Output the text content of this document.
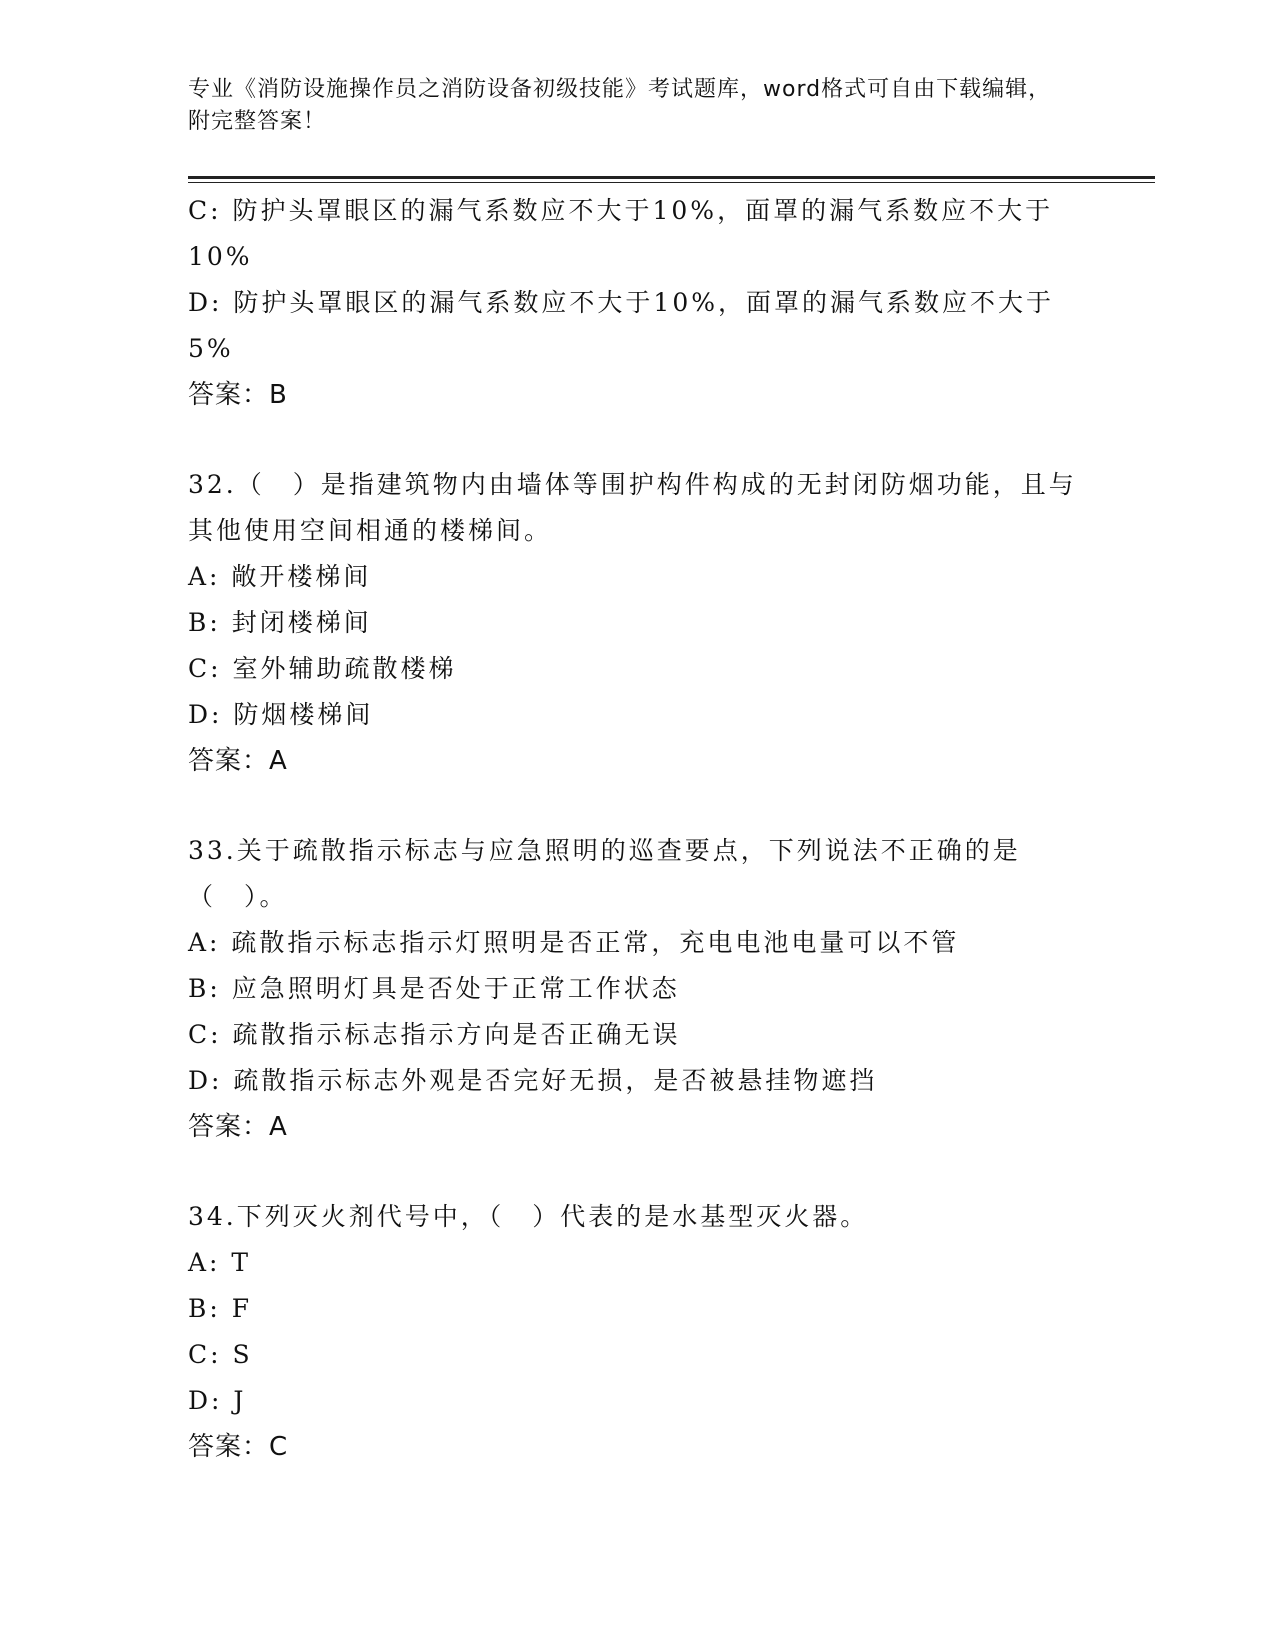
专业《消防设施操作员之消防设备初级技能》考试题库，word格式可自由下载编辑，附完整答案！
C: 防护头罩眼区的漏气系数应不大于10%，面罩的漏气系数应不大于10%
D: 防护头罩眼区的漏气系数应不大于10%，面罩的漏气系数应不大于5%
答案：B
32.（　）是指建筑物内由墙体等围护构件构成的无封闭防烟功能，且与其他使用空间相通的楼梯间。
A: 敞开楼梯间
B: 封闭楼梯间
C: 室外辅助疏散楼梯
D: 防烟楼梯间
答案：A
33.关于疏散指示标志与应急照明的巡查要点，下列说法不正确的是（　）。
A: 疏散指示标志指示灯照明是否正常，充电电池电量可以不管
B: 应急照明灯具是否处于正常工作状态
C: 疏散指示标志指示方向是否正确无误
D: 疏散指示标志外观是否完好无损，是否被悬挂物遮挡
答案：A
34.下列灭火剂代号中，（　）代表的是水基型灭火器。
A: T
B: F
C: S
D: J
答案：C
